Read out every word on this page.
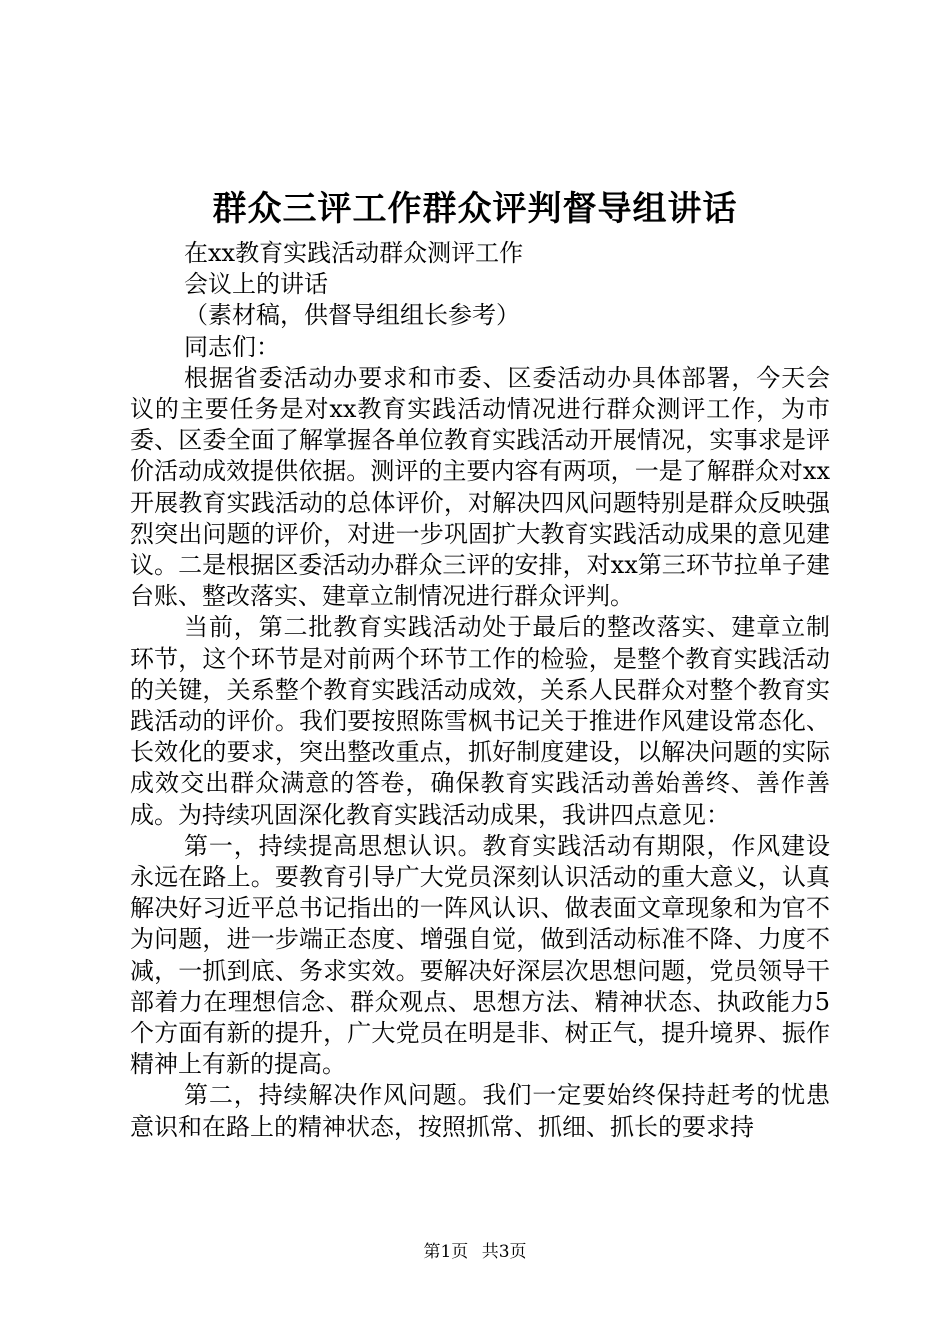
群众三评工作群众评判督导组讲话

在xx教育实践活动群众测评工作

会议上的讲话

（素材稿，供督导组组长参考）

同志们：

根据省委活动办要求和市委、区委活动办具体部署，今天会议的主要任务是对xx教育实践活动情况进行群众测评工作，为市委、区委全面了解掌握各单位教育实践活动开展情况，实事求是评价活动成效提供依据。测评的主要内容有两项，一是了解群众对xx开展教育实践活动的总体评价，对解决四风问题特别是群众反映强烈突出问题的评价，对进一步巩固扩大教育实践活动成果的意见建议。二是根据区委活动办群众三评的安排，对xx第三环节拉单子建台账、整改落实、建章立制情况进行群众评判。

当前，第二批教育实践活动处于最后的整改落实、建章立制环节，这个环节是对前两个环节工作的检验，是整个教育实践活动的关键，关系整个教育实践活动成效，关系人民群众对整个教育实践活动的评价。我们要按照陈雪枫书记关于推进作风建设常态化、长效化的要求，突出整改重点，抓好制度建设，以解决问题的实际成效交出群众满意的答卷，确保教育实践活动善始善终、善作善成。为持续巩固深化教育实践活动成果，我讲四点意见：

第一，持续提高思想认识。教育实践活动有期限，作风建设永远在路上。要教育引导广大党员深刻认识活动的重大意义，认真解决好习近平总书记指出的一阵风认识、做表面文章现象和为官不为问题，进一步端正态度、增强自觉，做到活动标准不降、力度不减，一抓到底、务求实效。要解决好深层次思想问题，党员领导干部着力在理想信念、群众观点、思想方法、精神状态、执政能力5个方面有新的提升，广大党员在明是非、树正气，提升境界、振作精神上有新的提高。

第二，持续解决作风问题。我们一定要始终保持赶考的忧患意识和在路上的精神状态，按照抓常、抓细、抓长的要求持

第1页 共3页
